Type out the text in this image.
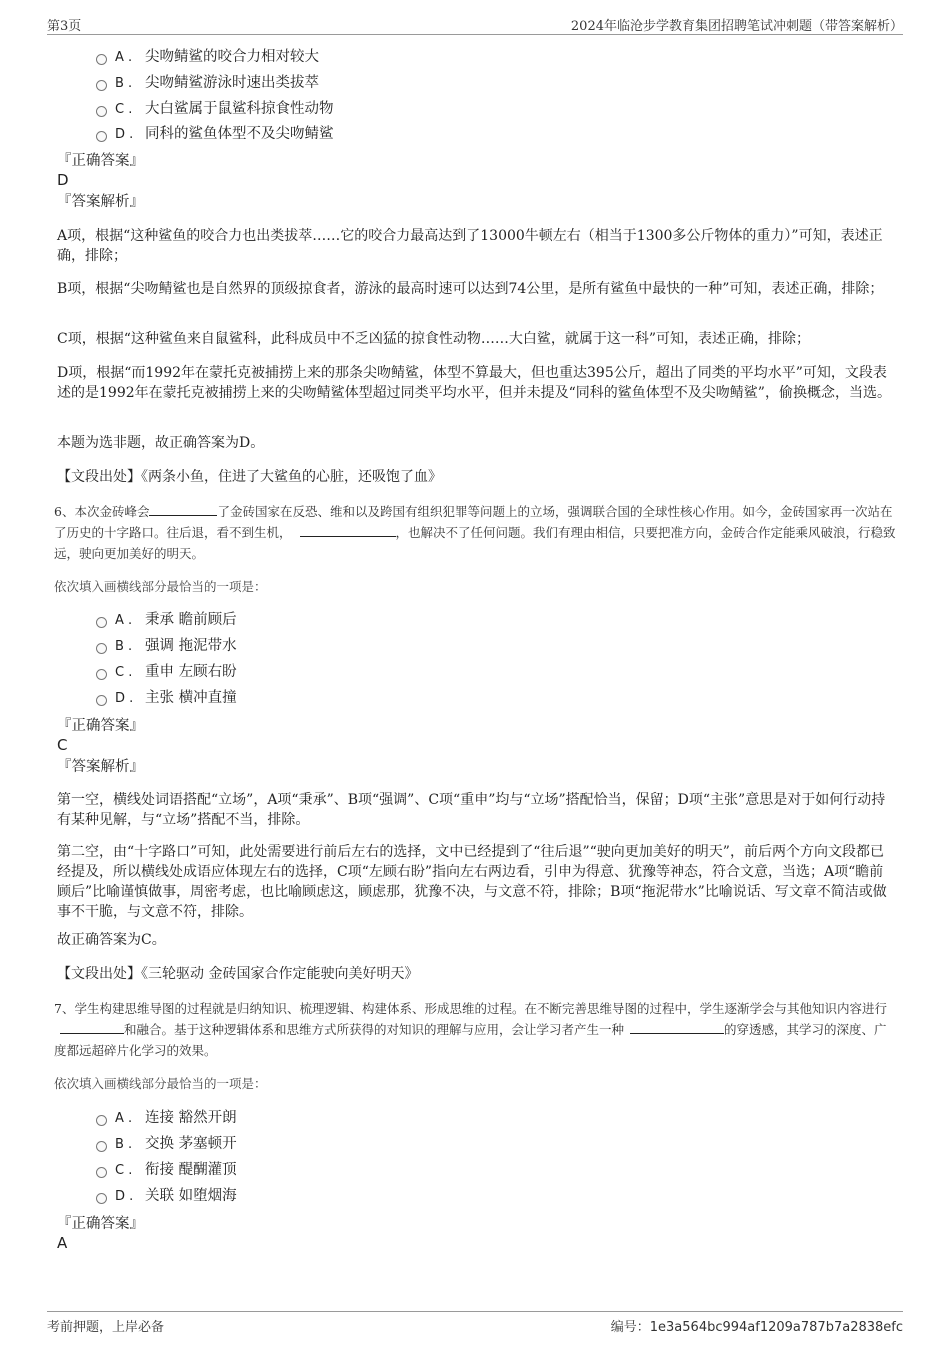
第3页	2024年临沧步学教育集团招聘笔试冲刺题（带答案解析）
A . 尖吻鲭鲨的咬合力相对较大
B . 尖吻鲭鲨游泳时速出类拔萃
C . 大白鲨属于鼠鲨科掠食性动物
D . 同科的鲨鱼体型不及尖吻鲭鲨
『正确答案』
D
『答案解析』
A项，根据“这种鲨鱼的咬合力也出类拔萃……它的咬合力最高达到了13000牛顿左右（相当于1300多公斤物体的重力）”可知，表述正确，排除；
B项，根据“尖吻鲭鲨也是自然界的顶级掠食者，游泳的最高时速可以达到74公里，是所有鲨鱼中最快的一种”可知，表述正确，排除；
C项，根据“这种鲨鱼来自鼠鲨科，此科成员中不乏凶猛的掠食性动物……大白鲨，就属于这一科”可知，表述正确，排除；
D项，根据“而1992年在蒙托克被捕捞上来的那条尖吻鲭鲨，体型不算最大，但也重达395公斤，超出了同类的平均水平”可知，文段表述的是1992年在蒙托克被捕捞上来的尖吻鲭鲨体型超过同类平均水平，但并未提及“同科的鲨鱼体型不及尖吻鲭鲨”，偷换概念，当选。
本题为选非题，故正确答案为D。
【文段出处】《两条小鱼，住进了大鲨鱼的心脏，还吸饱了血》
6、本次金砖峰会	了金砖国家在反恐、维和以及跨国有组织犯罪等问题上的立场，强调联合国的全球性核心作用。如今，金砖国家再一次站在了历史的十字路口。往后退，看不到生机，	，也解决不了任何问题。我们有理由相信，只要把准方向，金砖合作定能乘风破浪，行稳致远，驶向更加美好的明天。
依次填入画横线部分最恰当的一项是：
A . 秉承 瞻前顾后
B . 强调 拖泥带水
C . 重申 左顾右盼
D . 主张 横冲直撞
『正确答案』
C
『答案解析』
第一空，横线处词语搭配“立场”，A项“秉承”、B项“强调”、C项“重申”均与“立场”搭配恰当，保留；D项“主张”意思是对于如何行动持有某种见解，与“立场”搭配不当，排除。
第二空，由“十字路口”可知，此处需要进行前后左右的选择，文中已经提到了“往后退”“驶向更加美好的明天”，前后两个方向文段都已经提及，所以横线处成语应体现左右的选择，C项“左顾右盼”指向左右两边看，引申为得意、犹豫等神态，符合文意，当选；A项“瞻前顾后”比喻谨慎做事，周密考虑，也比喻顾虑这，顾虑那，犹豫不决，与文意不符，排除；B项“拖泥带水”比喻说话、写文章不简洁或做事不干脆，与文意不符，排除。
故正确答案为C。
【文段出处】《三轮驱动 金砖国家合作定能驶向美好明天》
7、学生构建思维导图的过程就是归纳知识、梳理逻辑、构建体系、形成思维的过程。在不断完善思维导图的过程中，学生逐渐学会与其他知识内容进行和融合。基于这种逻辑体系和思维方式所获得的对知识的理解与应用，会让学习者产生一种	的穿透感，其学习的深度、广度都远超碎片化学习的效果。
依次填入画横线部分最恰当的一项是：
A . 连接 豁然开朗
B . 交换 茅塞顿开
C . 衔接 醍醐灌顶
D . 关联 如堕烟海
『正确答案』
A
考前押题，上岸必备	编号：1e3a564bc994af1209a787b7a2838efc
